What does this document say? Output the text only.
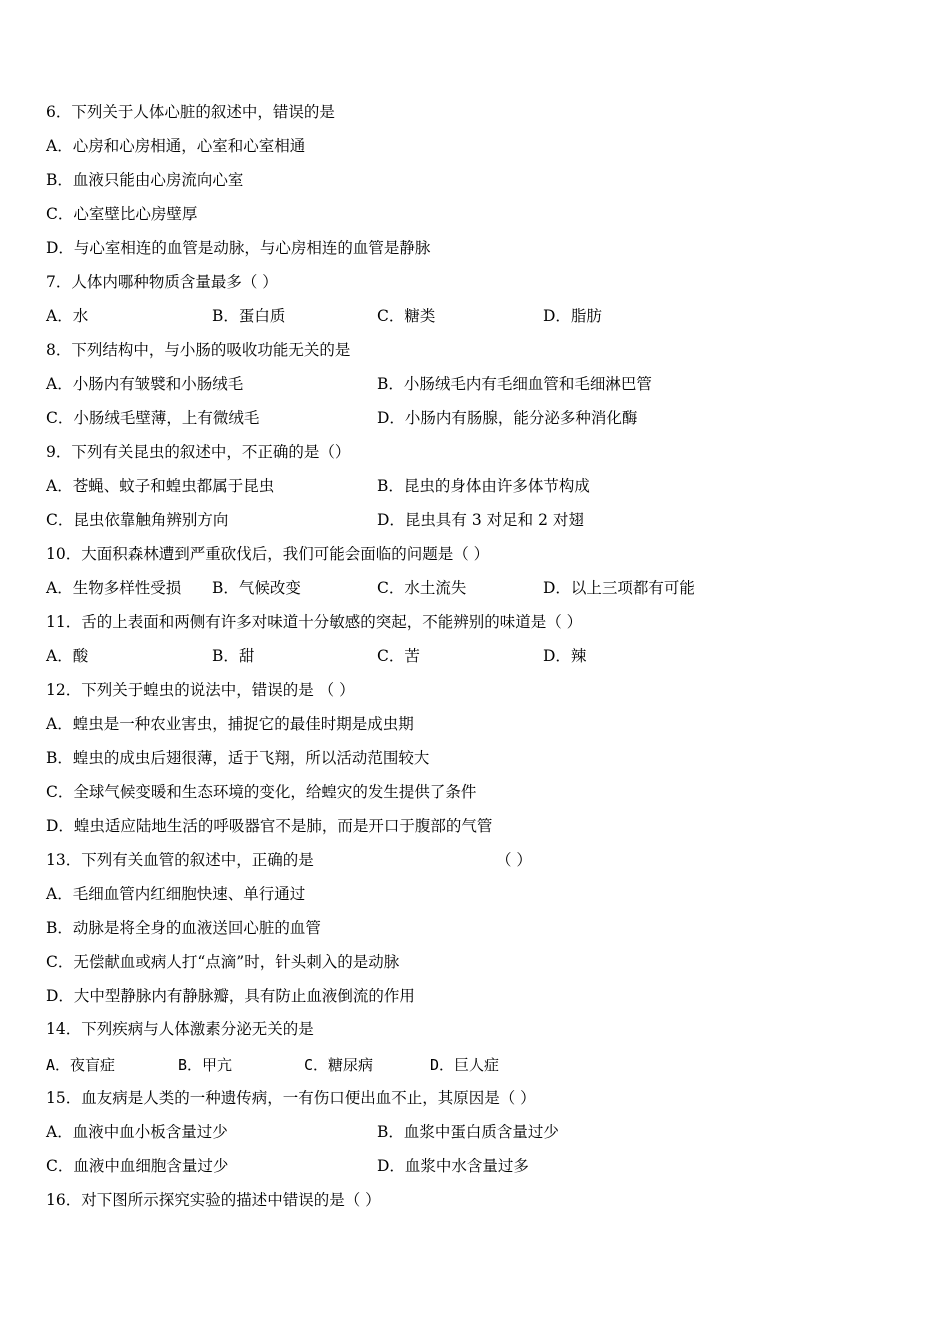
6．下列关于人体心脏的叙述中，错误的是
A．心房和心房相通，心室和心室相通
B．血液只能由心房流向心室
C．心室壁比心房壁厚
D．与心室相连的血管是动脉，与心房相连的血管是静脉
7．人体内哪种物质含量最多（ ）
A．水	B．蛋白质	C．糖类	D．脂肪
8．下列结构中，与小肠的吸收功能无关的是
A．小肠内有皱襞和小肠绒毛	B．小肠绒毛内有毛细血管和毛细淋巴管
C．小肠绒毛壁薄，上有微绒毛	D．小肠内有肠腺，能分泌多种消化酶
9．下列有关昆虫的叙述中，不正确的是（）
A．苍蝇、蚊子和蝗虫都属于昆虫	B．昆虫的身体由许多体节构成
C．昆虫依靠触角辨别方向	D．昆虫具有 3 对足和 2 对翅
10．大面积森林遭到严重砍伐后，我们可能会面临的问题是（ ）
A．生物多样性受损 B．气候改变	C．水土流失	D．以上三项都有可能
11．舌的上表面和两侧有许多对味道十分敏感的突起，不能辨别的味道是（ ）
A．酸	B．甜	C．苦	D．辣
12．下列关于蝗虫的说法中，错误的是 （ ）
A．蝗虫是一种农业害虫，捕捉它的最佳时期是成虫期
B．蝗虫的成虫后翅很薄，适于飞翔，所以活动范围较大
C．全球气候变暖和生态环境的变化，给蝗灾的发生提供了条件
D．蝗虫适应陆地生活的呼吸器官不是肺，而是开口于腹部的气管
13．下列有关血管的叙述中，正确的是	（ ）
A．毛细血管内红细胞快速、单行通过
B．动脉是将全身的血液送回心脏的血管
C．无偿献血或病人打“点滴”时，针头刺入的是动脉
D．大中型静脉内有静脉瓣，具有防止血液倒流的作用
14．下列疾病与人体激素分泌无关的是
A．夜盲症	B．甲亢	C．糖尿病	D．巨人症
15．血友病是人类的一种遗传病，一有伤口便出血不止，其原因是（ ）
A．血液中血小板含量过少	B．血浆中蛋白质含量过少
C．血液中血细胞含量过少	D．血浆中水含量过多
16．对下图所示探究实验的描述中错误的是（ ）
